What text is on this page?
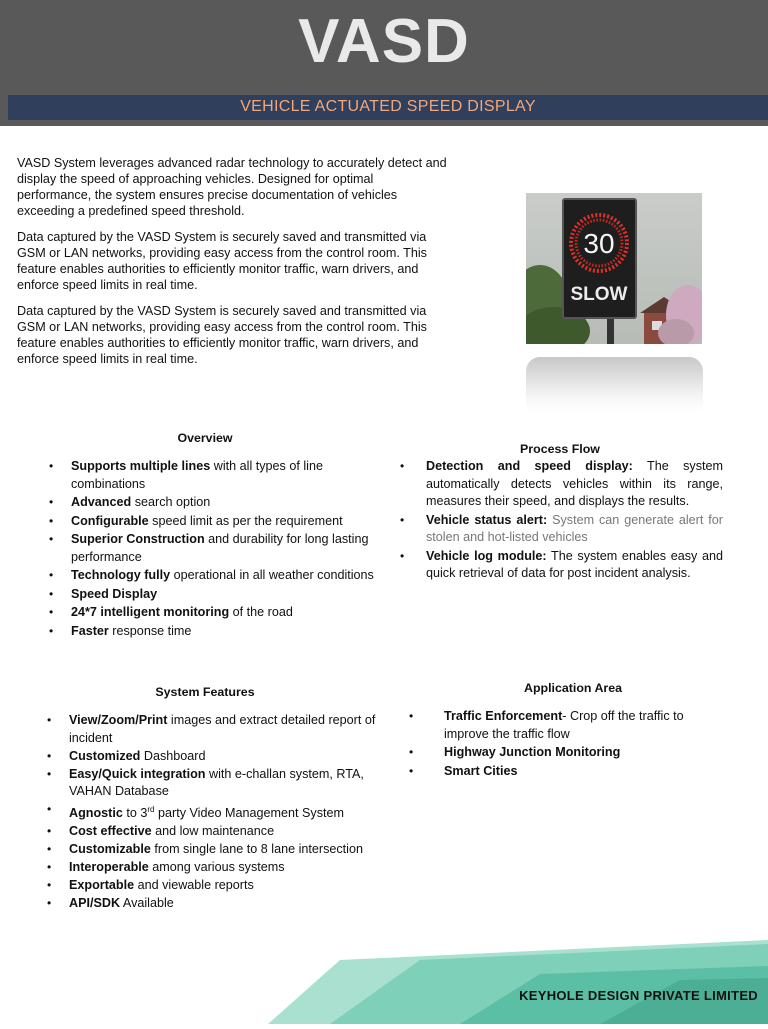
VASD
VEHICLE ACTUATED SPEED DISPLAY

VASD System leverages advanced radar technology to accurately detect and display the speed of approaching vehicles. Designed for optimal performance, the system ensures precise documentation of vehicles exceeding a predefined speed threshold.

Data captured by the VASD System is securely saved and transmitted via GSM or LAN networks, providing easy access from the control room. This feature enables authorities to efficiently monitor traffic, warn drivers, and enforce speed limits in real time.

Data captured by the VASD System is securely saved and transmitted via GSM or LAN networks, providing easy access from the control room. This feature enables authorities to efficiently monitor traffic, warn drivers, and enforce speed limits in real time.

30
SLOW
Overview
• Supports multiple lines with all types of line combinations
• Advanced search option
• Configurable speed limit as per the requirement
• Superior Construction and durability for long lasting performance
• Technology fully operational in all weather conditions
• Speed Display
• 24*7 intelligent monitoring of the road
• Faster response time
Process Flow
• Detection and speed display: The system automatically detects vehicles within its range, measures their speed, and displays the results.
• Vehicle status alert: System can generate alert for stolen and hot-listed vehicles
• Vehicle log module: The system enables easy and quick retrieval of data for post incident analysis.
System Features
• View/Zoom/Print images and extract detailed report of incident
• Customized Dashboard
• Easy/Quick integration with e-challan system, RTA, VAHAN Database
• Agnostic to 3rd party Video Management System
• Cost effective and low maintenance
• Customizable from single lane to 8 lane intersection
• Interoperable among various systems
• Exportable and viewable reports
• API/SDK Available
Application Area
• Traffic Enforcement- Crop off the traffic to improve the traffic flow
• Highway Junction Monitoring
• Smart Cities
KEYHOLE DESIGN PRIVATE LIMITED
